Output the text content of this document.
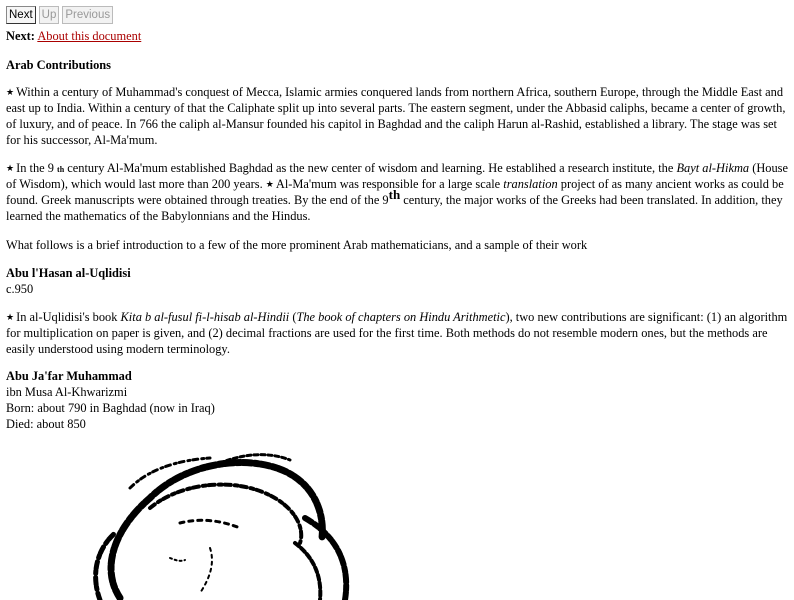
Next Up Previous
Next: About this document
Arab Contributions
★ Within a century of Muhammad's conquest of Mecca, Islamic armies conquered lands from northern Africa, southern Europe, through the Middle East and east up to India. Within a century of that the Caliphate split up into several parts. The eastern segment, under the Abbasid caliphs, became a center of growth, of luxury, and of peace. In 766 the caliph al-Mansur founded his capitol in Baghdad and the caliph Harun al-Rashid, established a library. The stage was set for his successor, Al-Ma'mum.
★ In the 9 th century Al-Ma'mum established Baghdad as the new center of wisdom and learning. He establihed a research institute, the Bayt al-Hikma (House of Wisdom), which would last more than 200 years. ★ Al-Ma'mum was responsible for a large scale translation project of as many ancient works as could be found. Greek manuscripts were obtained through treaties. By the end of the 9th century, the major works of the Greeks had been translated. In addition, they learned the mathematics of the Babylonnians and the Hindus.
What follows is a brief introduction to a few of the more prominent Arab mathematicians, and a sample of their work
Abu l'Hasan al-Uqlidisi
c.950
★ In al-Uqlidisi's book Kita b al-fusul fi-l-hisab al-Hindii (The book of chapters on Hindu Arithmetic), two new contributions are significant: (1) an algorithm for multiplication on paper is given, and (2) decimal fractions are used for the first time. Both methods do not resemble modern ones, but the methods are easily understood using modern terminology.
Abu Ja'far Muhammad
ibn Musa Al-Khwarizmi
Born: about 790 in Baghdad (now in Iraq)
Died: about 850
